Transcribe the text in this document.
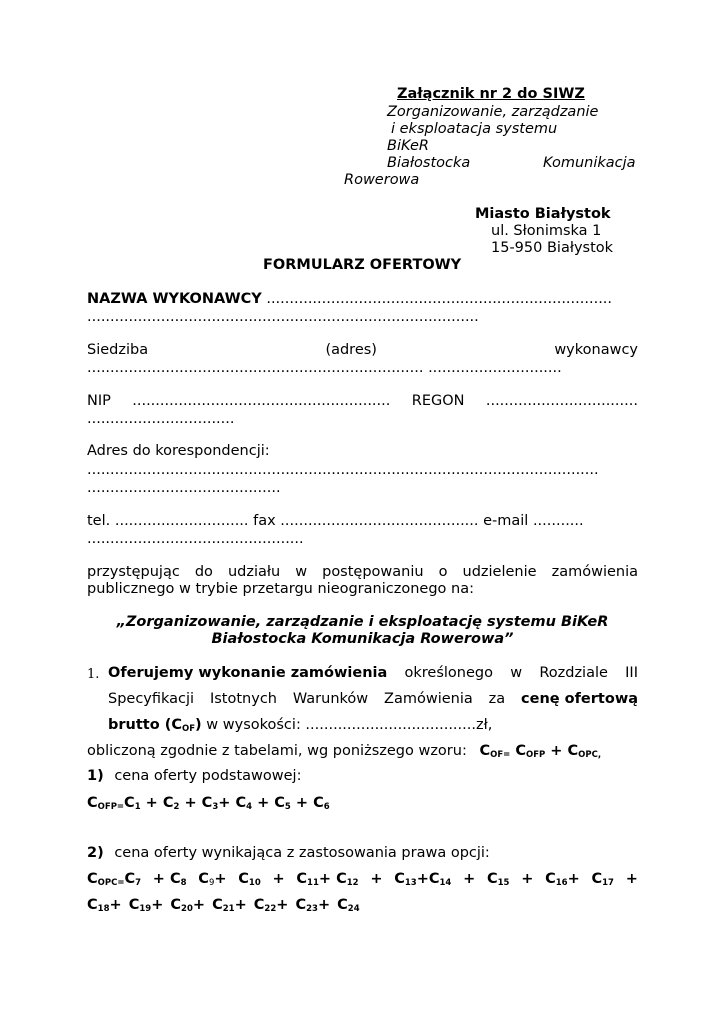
Załącznik nr 2 do SIWZ
Zorganizowanie, zarządzanie
i eksploatacja systemu
BiKeR
Białostocka	Komunikacja
Rowerowa
Miasto Białystok
ul. Słonimska 1
15-950 Białystok
FORMULARZ OFERTOWY
NAZWA WYKONAWCY ...........................................................................
.....................................................................................
Siedziba	(adres)	wykonawcy
......................................................................... .............................
NIP ........................................................ REGON .................................
................................
Adres do korespondencji:
...............................................................................................................
..........................................
tel. ............................. fax ........................................... e-mail ...........
...............................................
przystępując do udziału w postępowaniu o udzielenie zamówienia
publicznego w trybie przetargu nieograniczonego na:
„Zorganizowanie, zarządzanie i eksploatację systemu BiKeR
Białostocka Komunikacja Rowerowa”
1. Oferujemy wykonanie zamówienia określonego w Rozdziale III
Specyfikacji Istotnych Warunków Zamówienia za cenę ofertową
brutto $(C_{OF})$ w wysokości: .....................................zł,
obliczoną zgodnie z tabelami, wg poniższego wzoru: $C_{OF=}$ $C_{OFP} + C_{OPC,}$
1) cena oferty podstawowej:
$C_{OFP=}C_1 + C_2 + C_3+ C_4 + C_5 + C_6$
2) cena oferty wynikająca z zastosowania prawa opcji:
$C_{OPC=}C_7 + C_8$ $C_9+ C_{10} + C_{11}+ C_{12} + C_{13}+C_{14} + C_{15} + C_{16}+ C_{17}$ +
$C_{18}+ C_{19}+ C_{20}+ C_{21}+ C_{22}+ C_{23}+ C_{24}$
